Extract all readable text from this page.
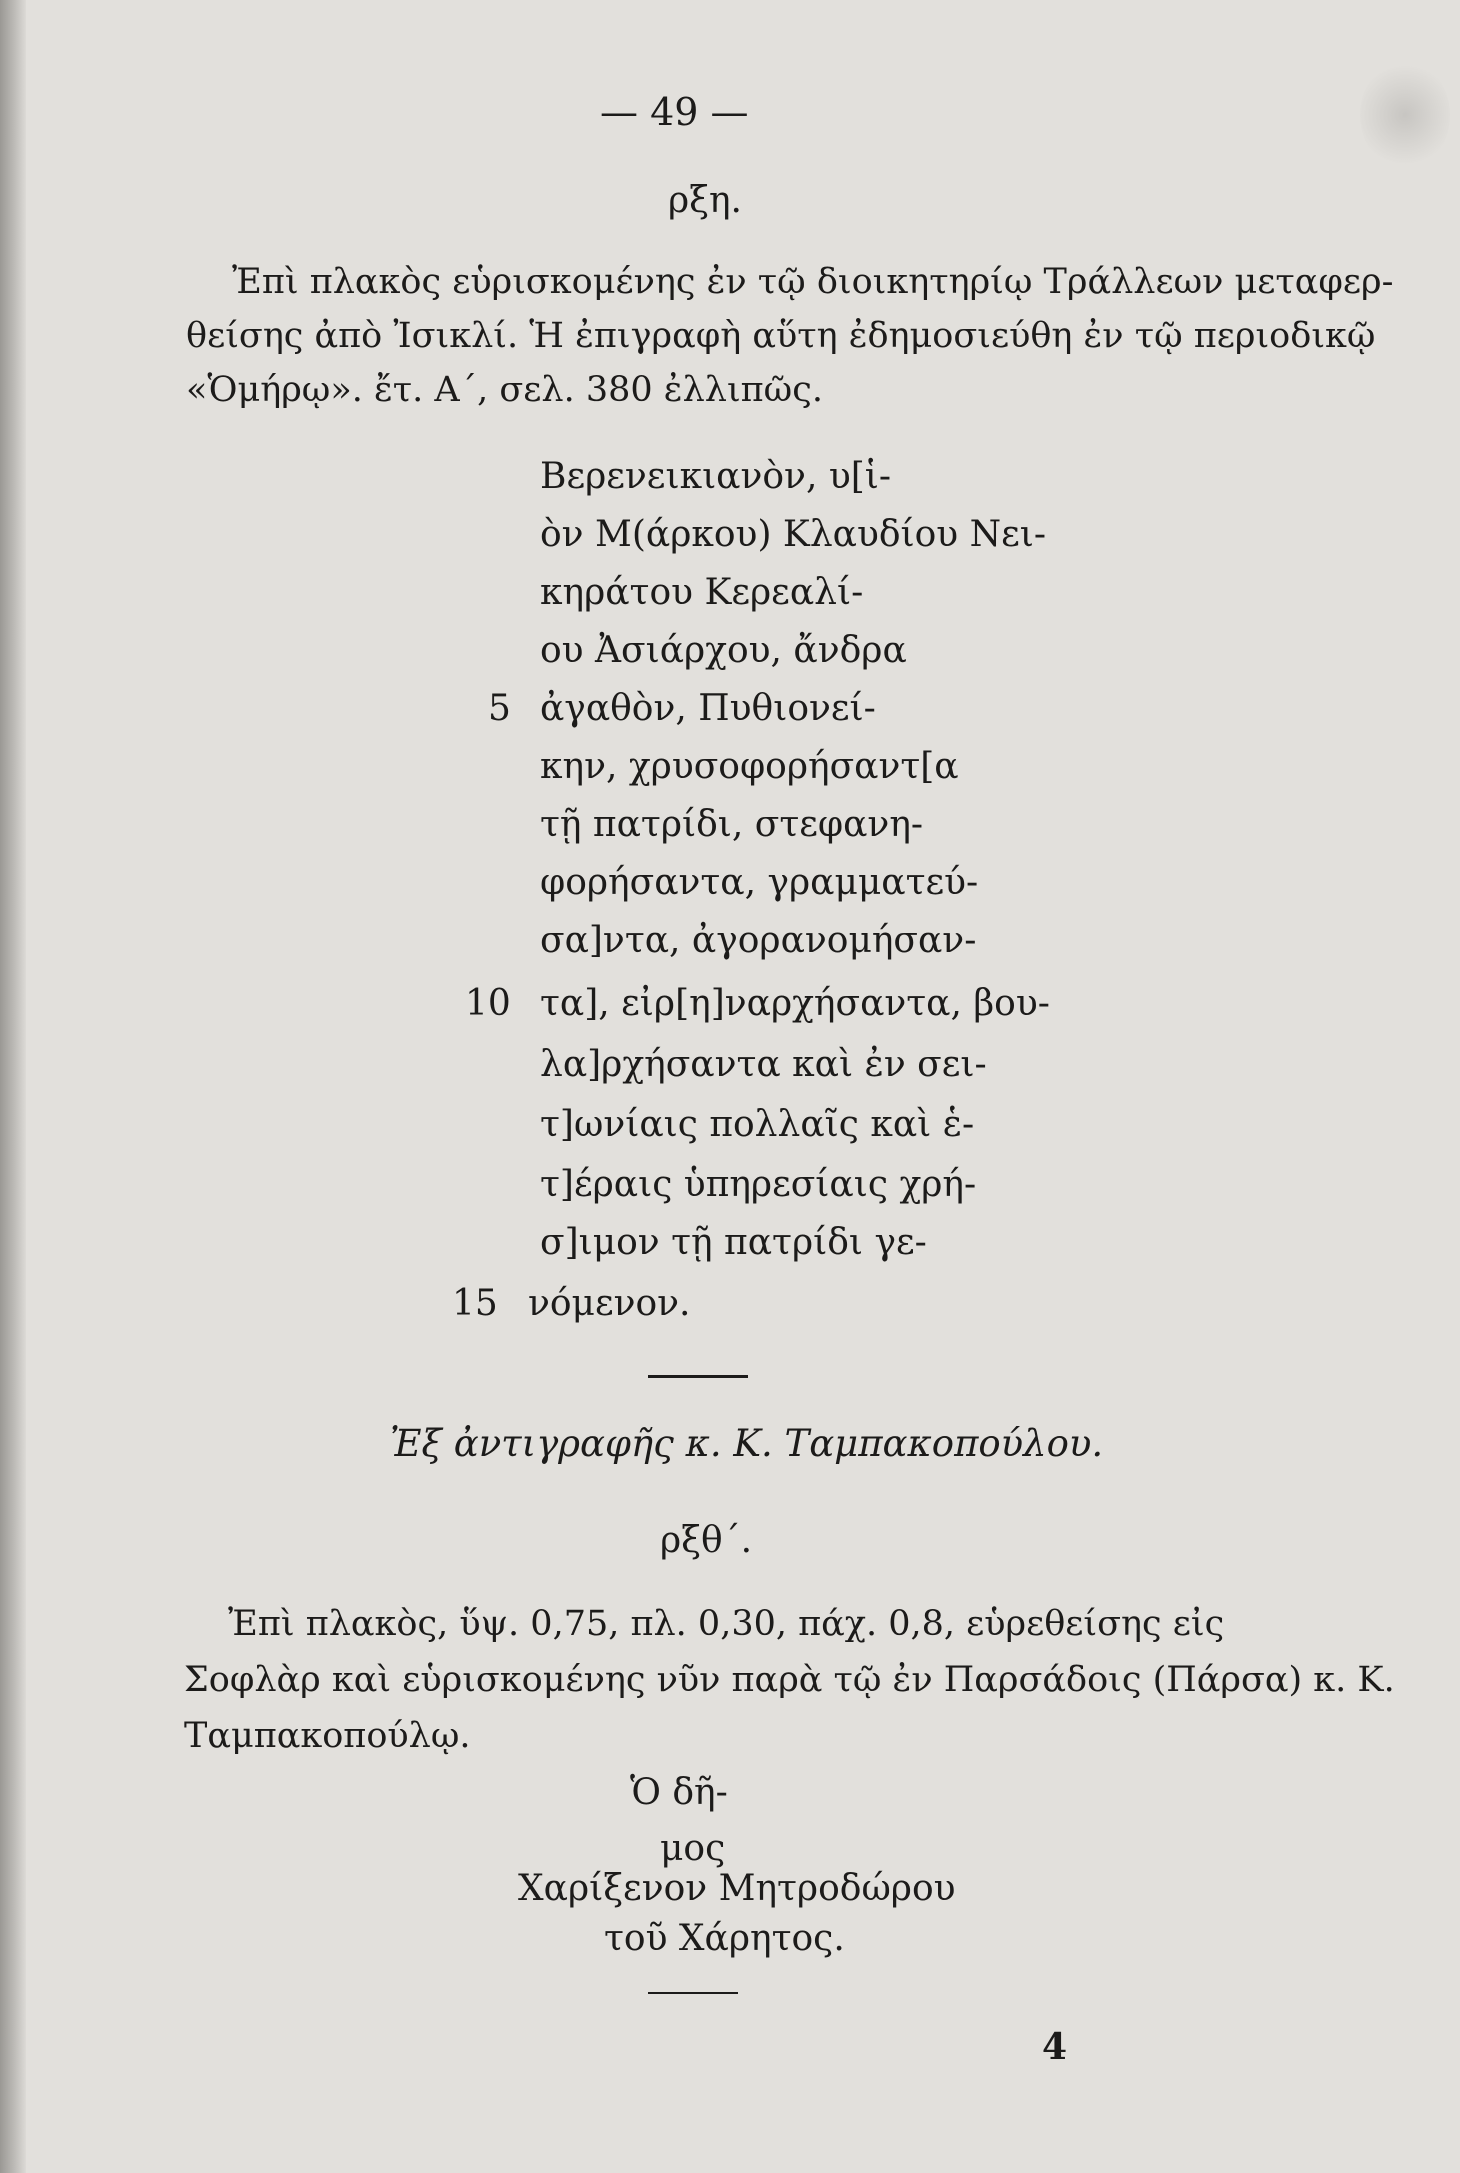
— 49 —
ρξη.
Ἐπὶ πλακὸς εὑρισκομένης ἐν τῷ διοικητηρίῳ Τράλλεων μεταφερ-
θείσης ἀπὸ Ἰσικλί. Ἡ ἐπιγραφὴ αὕτη ἐδημοσιεύθη ἐν τῷ περιοδικῷ
«Ὁμήρῳ». ἔτ. Α΄, σελ. 380 ἐλλιπῶς.
Βερενεικιανὸν, υ[ἱ-
ὸν Μ(άρκου) Κλαυδίου Νει-
κηράτου Κερεαλί-
ου Ἀσιάρχου, ἄνδρα
5 ἀγαθὸν, Πυθιονεί-
κην, χρυσοφορήσαντ[α
τῇ πατρίδι, στεφανη-
φορήσαντα, γραμματεύ-
σα]ντα, ἀγορανομήσαν-
10 τα], εἰρ[η]ναρχήσαντα, βου-
λα]ρχήσαντα καὶ ἐν σει-
τ]ωνίαις πολλαῖς καὶ ἑ-
τ]έραις ὑπηρεσίαις χρή-
σ]ιμον τῇ πατρίδι γε-
15 νόμενον.
Ἐξ ἀντιγραφῆς κ. Κ. Ταμπακοπούλου.
ρξθ΄.
Ἐπὶ πλακὸς, ὕψ. 0,75, πλ. 0,30, πάχ. 0,8, εὑρεθείσης εἰς
Σοφλὰρ καὶ εὑρισκομένης νῦν παρὰ τῷ ἐν Παρσάδοις (Πάρσα) κ. Κ.
Ταμπακοπούλῳ.
Ὁ δῆ-
μος
Χαρίξενον Μητροδώρου
τοῦ Χάρητος.
4
